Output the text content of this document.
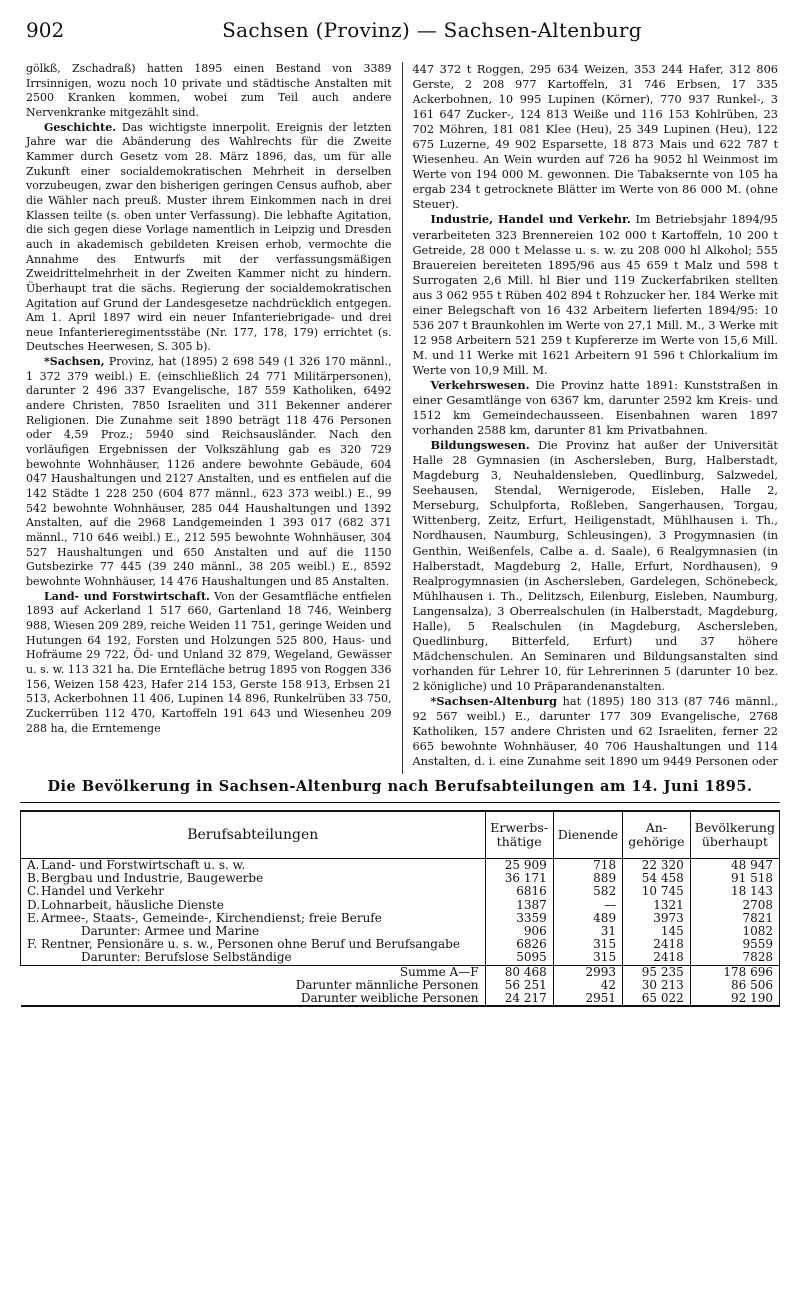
902	Sachsen (Provinz) — Sachsen-Altenburg

gölkß, Zschadraß) hatten 1895 einen Bestand von 3389 Irrsinnigen, wozu noch 10 private und städtische Anstalten mit 2500 Kranken kommen, wobei zum Teil auch andere Nervenkranke mitgezählt sind.

Geschichte. Das wichtigste innerpolit. Ereignis der letzten Jahre war die Abänderung des Wahlrechts für die Zweite Kammer durch Gesetz vom 28. März 1896, das, um für alle Zukunft einer socialdemokratischen Mehrheit in derselben vorzubeugen, zwar den bisherigen geringen Census aufhob, aber die Wähler nach preuß. Muster ihrem Einkommen nach in drei Klassen teilte (s. oben unter Verfassung). Die lebhafte Agitation, die sich gegen diese Vorlage namentlich in Leipzig und Dresden auch in akademisch gebildeten Kreisen erhob, vermochte die Annahme des Entwurfs mit der verfassungsmäßigen Zweidrittelmehrheit in der Zweiten Kammer nicht zu hindern. Überhaupt trat die sächs. Regierung der socialdemokratischen Agitation auf Grund der Landesgesetze nachdrücklich entgegen. Am 1. April 1897 wird ein neuer Infanteriebrigade- und drei neue Infanterieregimentsstäbe (Nr. 177, 178, 179) errichtet (s. Deutsches Heerwesen, S. 305 b).

*Sachsen, Provinz, hat (1895) 2 698 549 (1 326 170 männl., 1 372 379 weibl.) E. (einschließlich 24 771 Militärpersonen), darunter 2 496 337 Evangelische, 187 559 Katholiken, 6492 andere Christen, 7850 Israeliten und 311 Bekenner anderer Religionen. Die Zunahme seit 1890 beträgt 118 476 Personen oder 4,59 Proz.; 5940 sind Reichsausländer. Nach den vorläufigen Ergebnissen der Volkszählung gab es 320 729 bewohnte Wohnhäuser, 1126 andere bewohnte Gebäude, 604 047 Haushaltungen und 2127 Anstalten, und es entfielen auf die 142 Städte 1 228 250 (604 877 männl., 623 373 weibl.) E., 99 542 bewohnte Wohnhäuser, 285 044 Haushaltungen und 1392 Anstalten, auf die 2968 Landgemeinden 1 393 017 (682 371 männl., 710 646 weibl.) E., 212 595 bewohnte Wohnhäuser, 304 527 Haushaltungen und 650 Anstalten und auf die 1150 Gutsbezirke 77 445 (39 240 männl., 38 205 weibl.) E., 8592 bewohnte Wohnhäuser, 14 476 Haushaltungen und 85 Anstalten.

Land- und Forstwirtschaft. Von der Gesamtfläche entfielen 1893 auf Ackerland 1 517 660, Gartenland 18 746, Weinberg 988, Wiesen 209 289, reiche Weiden 11 751, geringe Weiden und Hutungen 64 192, Forsten und Holzungen 525 800, Haus- und Hofräume 29 722, Öd- und Unland 32 879, Wegeland, Gewässer u. s. w. 113 321 ha. Die Erntefläche betrug 1895 von Roggen 336 156, Weizen 158 423, Hafer 214 153, Gerste 158 913, Erbsen 21 513, Ackerbohnen 11 406, Lupinen 14 896, Runkelrüben 33 750, Zuckerrüben 112 470, Kartoffeln 191 643 und Wiesenheu 209 288 ha, die Erntemenge

447 372 t Roggen, 295 634 Weizen, 353 244 Hafer, 312 806 Gerste, 2 208 977 Kartoffeln, 31 746 Erbsen, 17 335 Ackerbohnen, 10 995 Lupinen (Körner), 770 937 Runkel-, 3 161 647 Zucker-, 124 813 Weiße und 116 153 Kohlrüben, 23 702 Möhren, 181 081 Klee (Heu), 25 349 Lupinen (Heu), 122 675 Luzerne, 49 902 Esparsette, 18 873 Mais und 622 787 t Wiesenheu. An Wein wurden auf 726 ha 9052 hl Weinmost im Werte von 194 000 M. gewonnen. Die Tabaksernte von 105 ha ergab 234 t getrocknete Blätter im Werte von 86 000 M. (ohne Steuer).

Industrie, Handel und Verkehr. Im Betriebsjahr 1894/95 verarbeiteten 323 Brennereien 102 000 t Kartoffeln, 10 200 t Getreide, 28 000 t Melasse u. s. w. zu 208 000 hl Alkohol; 555 Brauereien bereiteten 1895/96 aus 45 659 t Malz und 598 t Surrogaten 2,6 Mill. hl Bier und 119 Zuckerfabriken stellten aus 3 062 955 t Rüben 402 894 t Rohzucker her. 184 Werke mit einer Belegschaft von 16 432 Arbeitern lieferten 1894/95: 10 536 207 t Braunkohlen im Werte von 27,1 Mill. M., 3 Werke mit 12 958 Arbeitern 521 259 t Kupfererze im Werte von 15,6 Mill. M. und 11 Werke mit 1621 Arbeitern 91 596 t Chlorkalium im Werte von 10,9 Mill. M.

Verkehrswesen. Die Provinz hatte 1891: Kunststraßen in einer Gesamtlänge von 6367 km, darunter 2592 km Kreis- und 1512 km Gemeindechausseen. Eisenbahnen waren 1897 vorhanden 2588 km, darunter 81 km Privatbahnen.

Bildungswesen. Die Provinz hat außer der Universität Halle 28 Gymnasien (in Aschersleben, Burg, Halberstadt, Magdeburg 3, Neuhaldensleben, Quedlinburg, Salzwedel, Seehausen, Stendal, Wernigerode, Eisleben, Halle 2, Merseburg, Schulpforta, Roßleben, Sangerhausen, Torgau, Wittenberg, Zeitz, Erfurt, Heiligenstadt, Mühlhausen i. Th., Nordhausen, Naumburg, Schleusingen), 3 Progymnasien (in Genthin, Weißenfels, Calbe a. d. Saale), 6 Realgymnasien (in Halberstadt, Magdeburg 2, Halle, Erfurt, Nordhausen), 9 Realprogymnasien (in Aschersleben, Gardelegen, Schönebeck, Mühlhausen i. Th., Delitzsch, Eilenburg, Eisleben, Naumburg, Langensalza), 3 Oberrealschulen (in Halberstadt, Magdeburg, Halle), 5 Realschulen (in Magdeburg, Aschersleben, Quedlinburg, Bitterfeld, Erfurt) und 37 höhere Mädchenschulen. An Seminaren und Bildungsanstalten sind vorhanden für Lehrer 10, für Lehrerinnen 5 (darunter 10 bez. 2 königliche) und 10 Präparandenanstalten.

*Sachsen-Altenburg hat (1895) 180 313 (87 746 männl., 92 567 weibl.) E., darunter 177 309 Evangelische, 2768 Katholiken, 157 andere Christen und 62 Israeliten, ferner 22 665 bewohnte Wohnhäuser, 40 706 Haushaltungen und 114 Anstalten, d. i. eine Zunahme seit 1890 um 9449 Personen oder

Die Bevölkerung in Sachsen-Altenburg nach Berufsabteilungen am 14. Juni 1895.
Berufsabteilungen	Erwerbs- thätige	Dienende	An- gehörige	Bevölkerung überhaupt
A. Land- und Forstwirtschaft u. s. w.	25 909	718	22 320	48 947
B.Bergbau und Industrie, Baugewerbe	36 171	889	54 458	91 518
C.Handel und Verkehr	6816	582	10 745	18 143
D.Lohnarbeit, häusliche Dienste	1387	—	1321	2708
E.Armee-, Staats-, Gemeinde-, Kirchendienst; freie Berufe	3359	489	3973	7821
Darunter: Armee und Marine	906	31	145	1082
F. Rentner, Pensionäre u. s. w., Personen ohne Beruf und Berufsangabe	6826	315	2418	9559
Darunter: Berufslose Selbständige	5095	315	2418	7828
Summe A—F	80 468	2993	95 235	178 696
Darunter männliche Personen	56 251	42	30 213	86 506
Darunter weibliche Personen	24 217	2951	65 022	92 190
